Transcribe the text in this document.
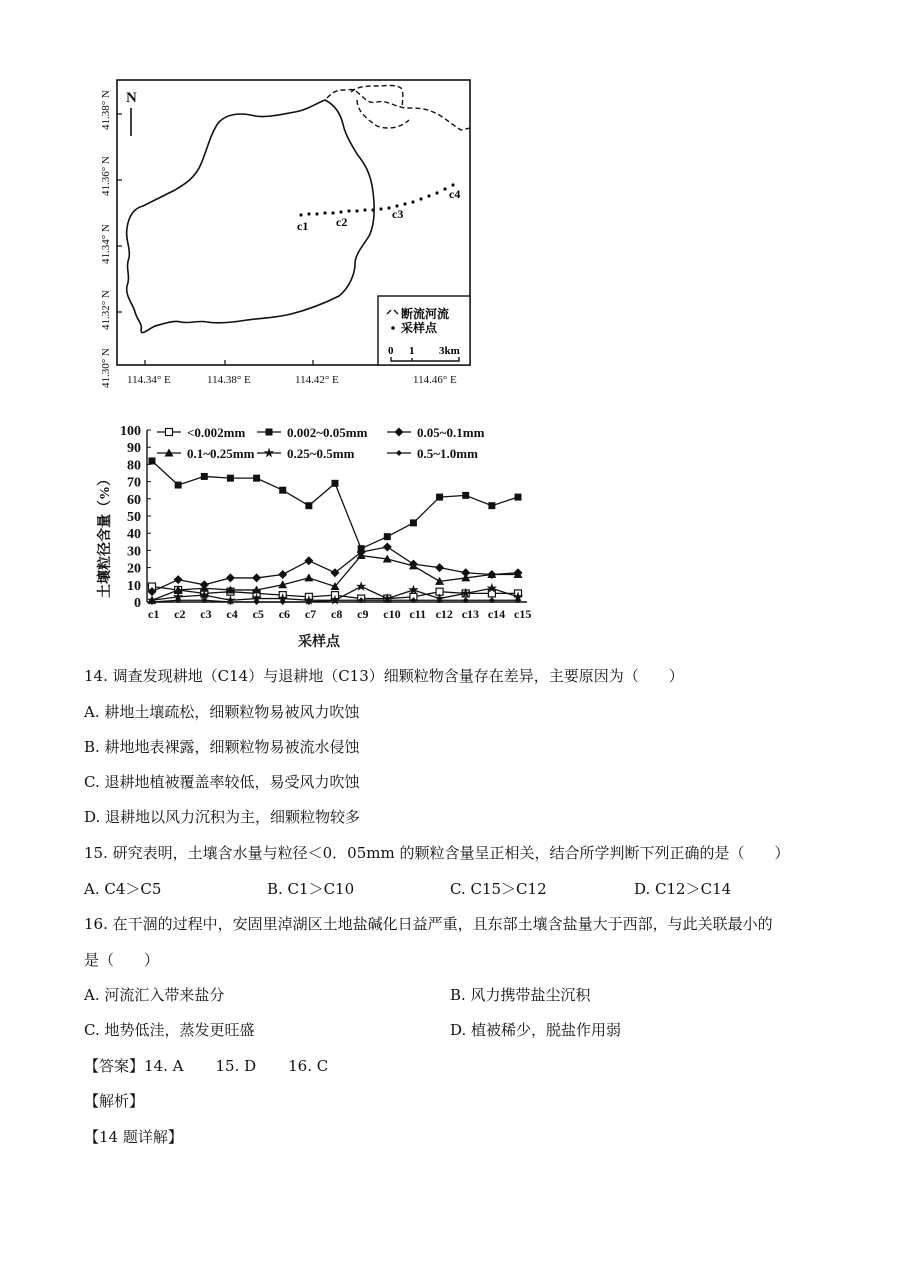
N
c1 c2
c3
c4
41.38° N
41.36° N
41.34° N
41.32° N
41.30° N 114.34° E	114.38° E	114.42° E	114.46° E
断流河流
采样点
0 1 3km
0
10
20
30
40
50
60
70
80
90
100
c1 c2 c3 c4 c5 c6 c7 c8 c9 c10 c11 c12 c13 c14 c15
<0.002mm	0.002~0.05mm	0.05~0.1mm
0.1~0.25mm	0.25~0.5mm	0.5~1.0mm
土壤粒径含量（%）
采样点
14. 调查发现耕地（C14）与退耕地（C13）细颗粒物含量存在差异，主要原因为（　　）
A. 耕地土壤疏松，细颗粒物易被风力吹蚀
B. 耕地地表裸露，细颗粒物易被流水侵蚀
C. 退耕地植被覆盖率较低，易受风力吹蚀
D. 退耕地以风力沉积为主，细颗粒物较多
15. 研究表明，土壤含水量与粒径＜0．05mm 的颗粒含量呈正相关，结合所学判断下列正确的是（　　）
A. C4＞C5	B. C1＞C10	C. C15＞C12	D. C12＞C14
16. 在干涸的过程中，安固里淖湖区土地盐碱化日益严重，且东部土壤含盐量大于西部，与此关联最小的
是（　　）
A. 河流汇入带来盐分	B. 风力携带盐尘沉积
C. 地势低洼，蒸发更旺盛	D. 植被稀少，脱盐作用弱
【答案】14. A 15. D 16. C
【解析】
【14 题详解】
